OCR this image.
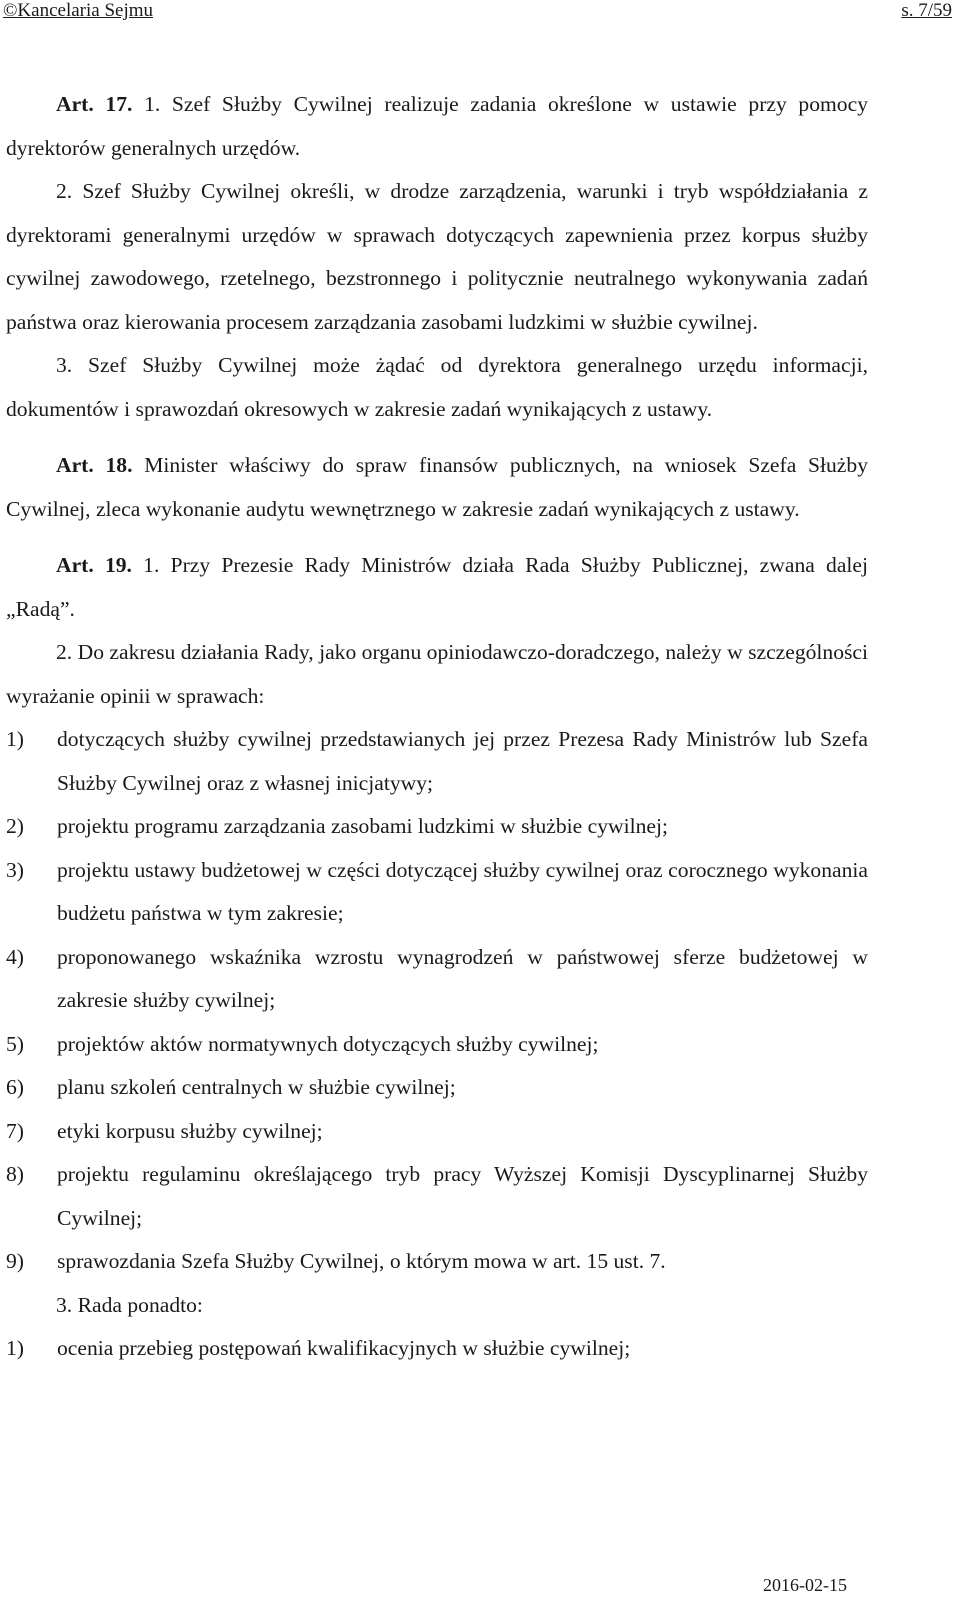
©Kancelaria Sejmu	s. 7/59

Art. 17. 1. Szef Służby Cywilnej realizuje zadania określone w ustawie przy pomocy dyrektorów generalnych urzędów.

2. Szef Służby Cywilnej określi, w drodze zarządzenia, warunki i tryb współdziałania z dyrektorami generalnymi urzędów w sprawach dotyczących zapewnienia przez korpus służby cywilnej zawodowego, rzetelnego, bezstronnego i politycznie neutralnego wykonywania zadań państwa oraz kierowania procesem zarządzania zasobami ludzkimi w służbie cywilnej.

3. Szef Służby Cywilnej może żądać od dyrektora generalnego urzędu informacji, dokumentów i sprawozdań okresowych w zakresie zadań wynikających z ustawy.

Art. 18. Minister właściwy do spraw finansów publicznych, na wniosek Szefa Służby Cywilnej, zleca wykonanie audytu wewnętrznego w zakresie zadań wynikających z ustawy.

Art. 19. 1. Przy Prezesie Rady Ministrów działa Rada Służby Publicznej, zwana dalej „Radą”.

2. Do zakresu działania Rady, jako organu opiniodawczo-doradczego, należy w szczególności wyrażanie opinii w sprawach:

1)	dotyczących służby cywilnej przedstawianych jej przez Prezesa Rady Ministrów lub Szefa Służby Cywilnej oraz z własnej inicjatywy;
2)	projektu programu zarządzania zasobami ludzkimi w służbie cywilnej;
3)	projektu ustawy budżetowej w części dotyczącej służby cywilnej oraz corocznego wykonania budżetu państwa w tym zakresie;
4)	proponowanego wskaźnika wzrostu wynagrodzeń w państwowej sferze budżetowej w zakresie służby cywilnej;
5)	projektów aktów normatywnych dotyczących służby cywilnej;
6)	planu szkoleń centralnych w służbie cywilnej;
7)	etyki korpusu służby cywilnej;
8)	projektu regulaminu określającego tryb pracy Wyższej Komisji Dyscyplinarnej Służby Cywilnej;
9)	sprawozdania Szefa Służby Cywilnej, o którym mowa w art. 15 ust. 7.

3. Rada ponadto:

1)	ocenia przebieg postępowań kwalifikacyjnych w służbie cywilnej;
2016-02-15
